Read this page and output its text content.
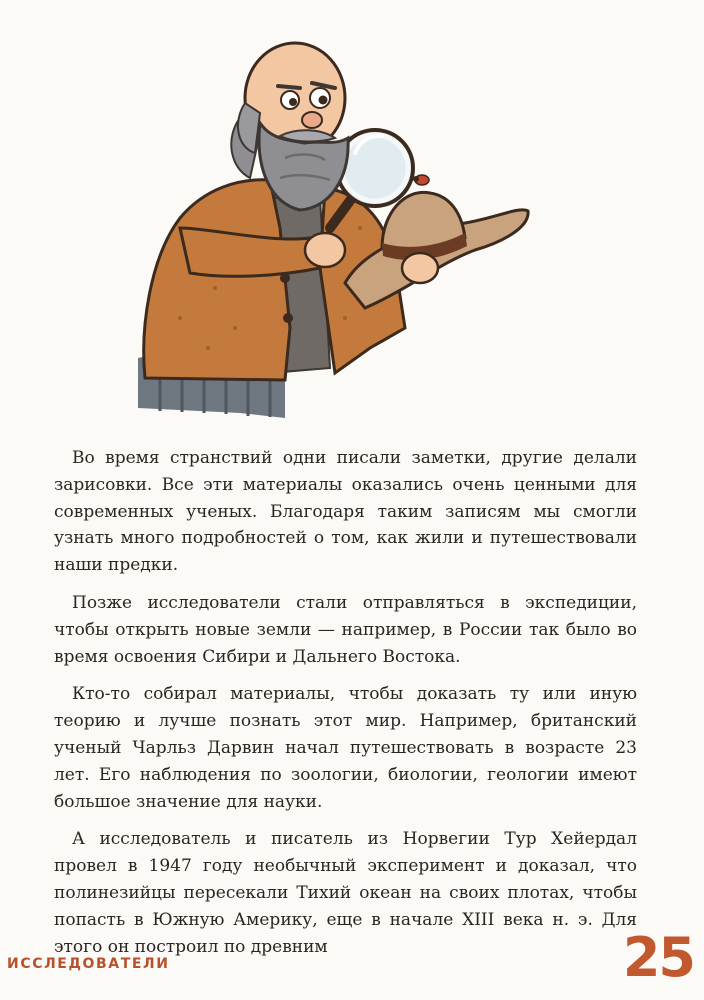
Во время странствий одни писали заметки, другие делали зарисовки. Все эти материалы оказались очень ценными для современных ученых. Благодаря таким записям мы смогли узнать много подробностей о том, как жили и путешествовали наши предки.

Позже исследователи стали отправляться в экспедиции, чтобы открыть новые земли — например, в России так было во время освоения Сибири и Дальнего Востока.

Кто-то собирал материалы, чтобы доказать ту или иную теорию и лучше познать этот мир. Например, британский ученый Чарльз Дарвин начал путешествовать в возрасте 23 лет. Его наблюдения по зоологии, биологии, геологии имеют большое значение для науки.

А исследователь и писатель из Норвегии Тур Хейердал провел в 1947 году необычный эксперимент и доказал, что полинезийцы пересекали Тихий океан на своих плотах, чтобы попасть в Южную Америку, еще в начале XIII века н. э. Для этого он построил по древним

ИССЛЕДОВАТЕЛИ	25
